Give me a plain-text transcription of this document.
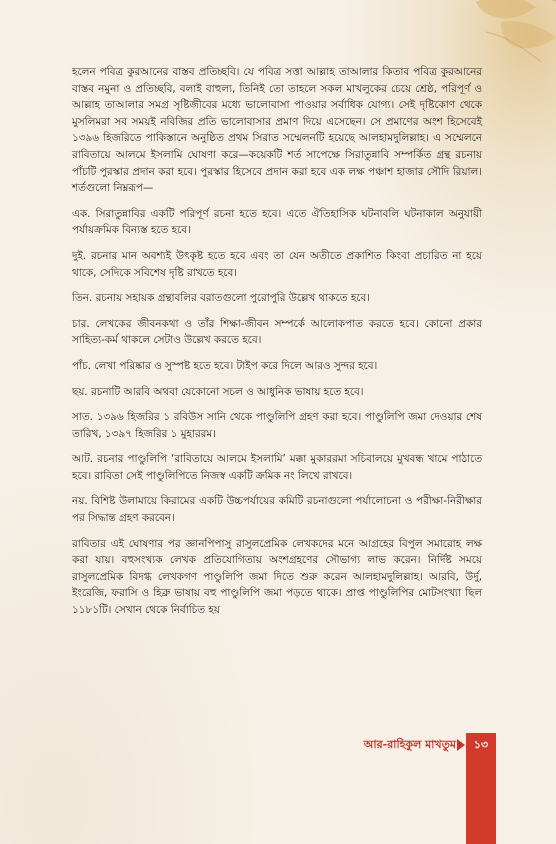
হলেন পবিত্র কুরআনের বাস্তব প্রতিচ্ছবি। যে পবিত্র সত্তা আল্লাহ তাআলার কিতাব পবিত্র কুরআনের বাস্তব নমুনা ও প্রতিচ্ছবি, বলাই বাহুল্য, তিনিই তো তাহলে সকল মাখলুকের চেয়ে শ্রেষ্ঠ, পরিপূর্ণ ও আল্লাহ তাআলার সমগ্র সৃষ্টিজীবের মধ্যে ভালোবাসা পাওয়ার সর্বাধিক যোগ্য। সেই দৃষ্টিকোণ থেকে মুসলিমরা সব সময়ই নবিজির প্রতি ভালোবাসার প্রমাণ দিয়ে এসেছেন। সে প্রমাণের অংশ হিসেবেই ১৩৯৬ হিজরিতে পাকিস্তানে অনুষ্ঠিত প্রথম সিরাত সম্মেলনটি হয়েছে আলহামদুলিল্লাহ। এ সম্মেলনে রাবিতায়ে আলমে ইসলামি ঘোষণা করে—কয়েকটি শর্ত সাপেক্ষে সিরাতুন্নাবি সম্পর্কিত গ্রন্থ রচনায় পাঁচটি পুরস্কার প্রদান করা হবে। পুরস্কার হিসেবে প্রদান করা হবে এক লক্ষ পঞ্চাশ হাজার সৌদি রিয়াল। শর্তগুলো নিম্নরূপ—

এক. সিরাতুন্নাবির একটি পরিপূর্ণ রচনা হতে হবে। এতে ঐতিহাসিক ঘটনাবলি ঘটনাকাল অনুযায়ী পর্যায়ক্রমিক বিন্যস্ত হতে হবে।

দুই. রচনার মান অবশ্যই উৎকৃষ্ট হতে হবে এবং তা যেন অতীতে প্রকাশিত কিংবা প্রচারিত না হয়ে থাকে, সেদিকে সবিশেষ দৃষ্টি রাখতে হবে।

তিন. রচনায় সহায়ক গ্রন্থাবলির বরাতগুলো পুরোপুরি উল্লেখ থাকতে হবে।

চার. লেখকের জীবনকথা ও তাঁর শিক্ষা-জীবন সম্পর্কে আলোকপাত করতে হবে। কোনো প্রকার সাহিত্য-কর্ম থাকলে সেটাও উল্লেখ করতে হবে।

পাঁচ. লেখা পরিষ্কার ও সুস্পষ্ট হতে হবে। টাইপ করে দিলে আরও সুন্দর হবে।

ছয়. রচনাটি আরবি অথবা যেকোনো সচল ও আধুনিক ভাষায় হতে হবে।

সাত. ১৩৯৬ হিজরির ১ রবিউস সানি থেকে পাণ্ডুলিপি গ্রহণ করা হবে। পাণ্ডুলিপি জমা দেওয়ার শেষ তারিখ, ১৩৯৭ হিজরির ১ মুহাররম।

আট. রচনার পাণ্ডুলিপি ‘রাবিতায়ে আলমে ইসলামি’ মক্কা মুকাররমা সচিবালয়ে মুখবন্ধ খামে পাঠাতে হবে। রাবিতা সেই পাণ্ডুলিপিতে নিজস্ব একটি ক্রমিক নং লিখে রাখবে।

নয়. বিশিষ্ট উলামায়ে কিরামের একটি উচ্চপর্যায়ের কমিটি রচনাগুলো পর্যালোচনা ও পরীক্ষা-নিরীক্ষার পর সিদ্ধান্ত গ্রহণ করবেন।

রাবিতার এই ঘোষণার পর জ্ঞানপিপাসু রাসুলপ্রেমিক লেখকদের মনে আগ্রহের বিপুল সমারোহ লক্ষ করা যায়। বহুসংখ্যক লেখক প্রতিযোগিতায় অংশগ্রহণের সৌভাগ্য লাভ করেন। নির্দিষ্ট সময়ে রাসুলপ্রেমিক বিদগ্ধ লেখকগণ পাণ্ডুলিপি জমা দিতে শুরু করেন আলহামদুলিল্লাহ। আরবি, উর্দু, ইংরেজি, ফরাসি ও হিব্রু ভাষায় বহু পাণ্ডুলিপি জমা পড়তে থাকে। প্রাপ্ত পাণ্ডুলিপির মোটসংখ্যা ছিল ১১৮১টি। সেখান থেকে নির্বাচিত হয়

আর-রাহিকুল মাখতুম	১৩
